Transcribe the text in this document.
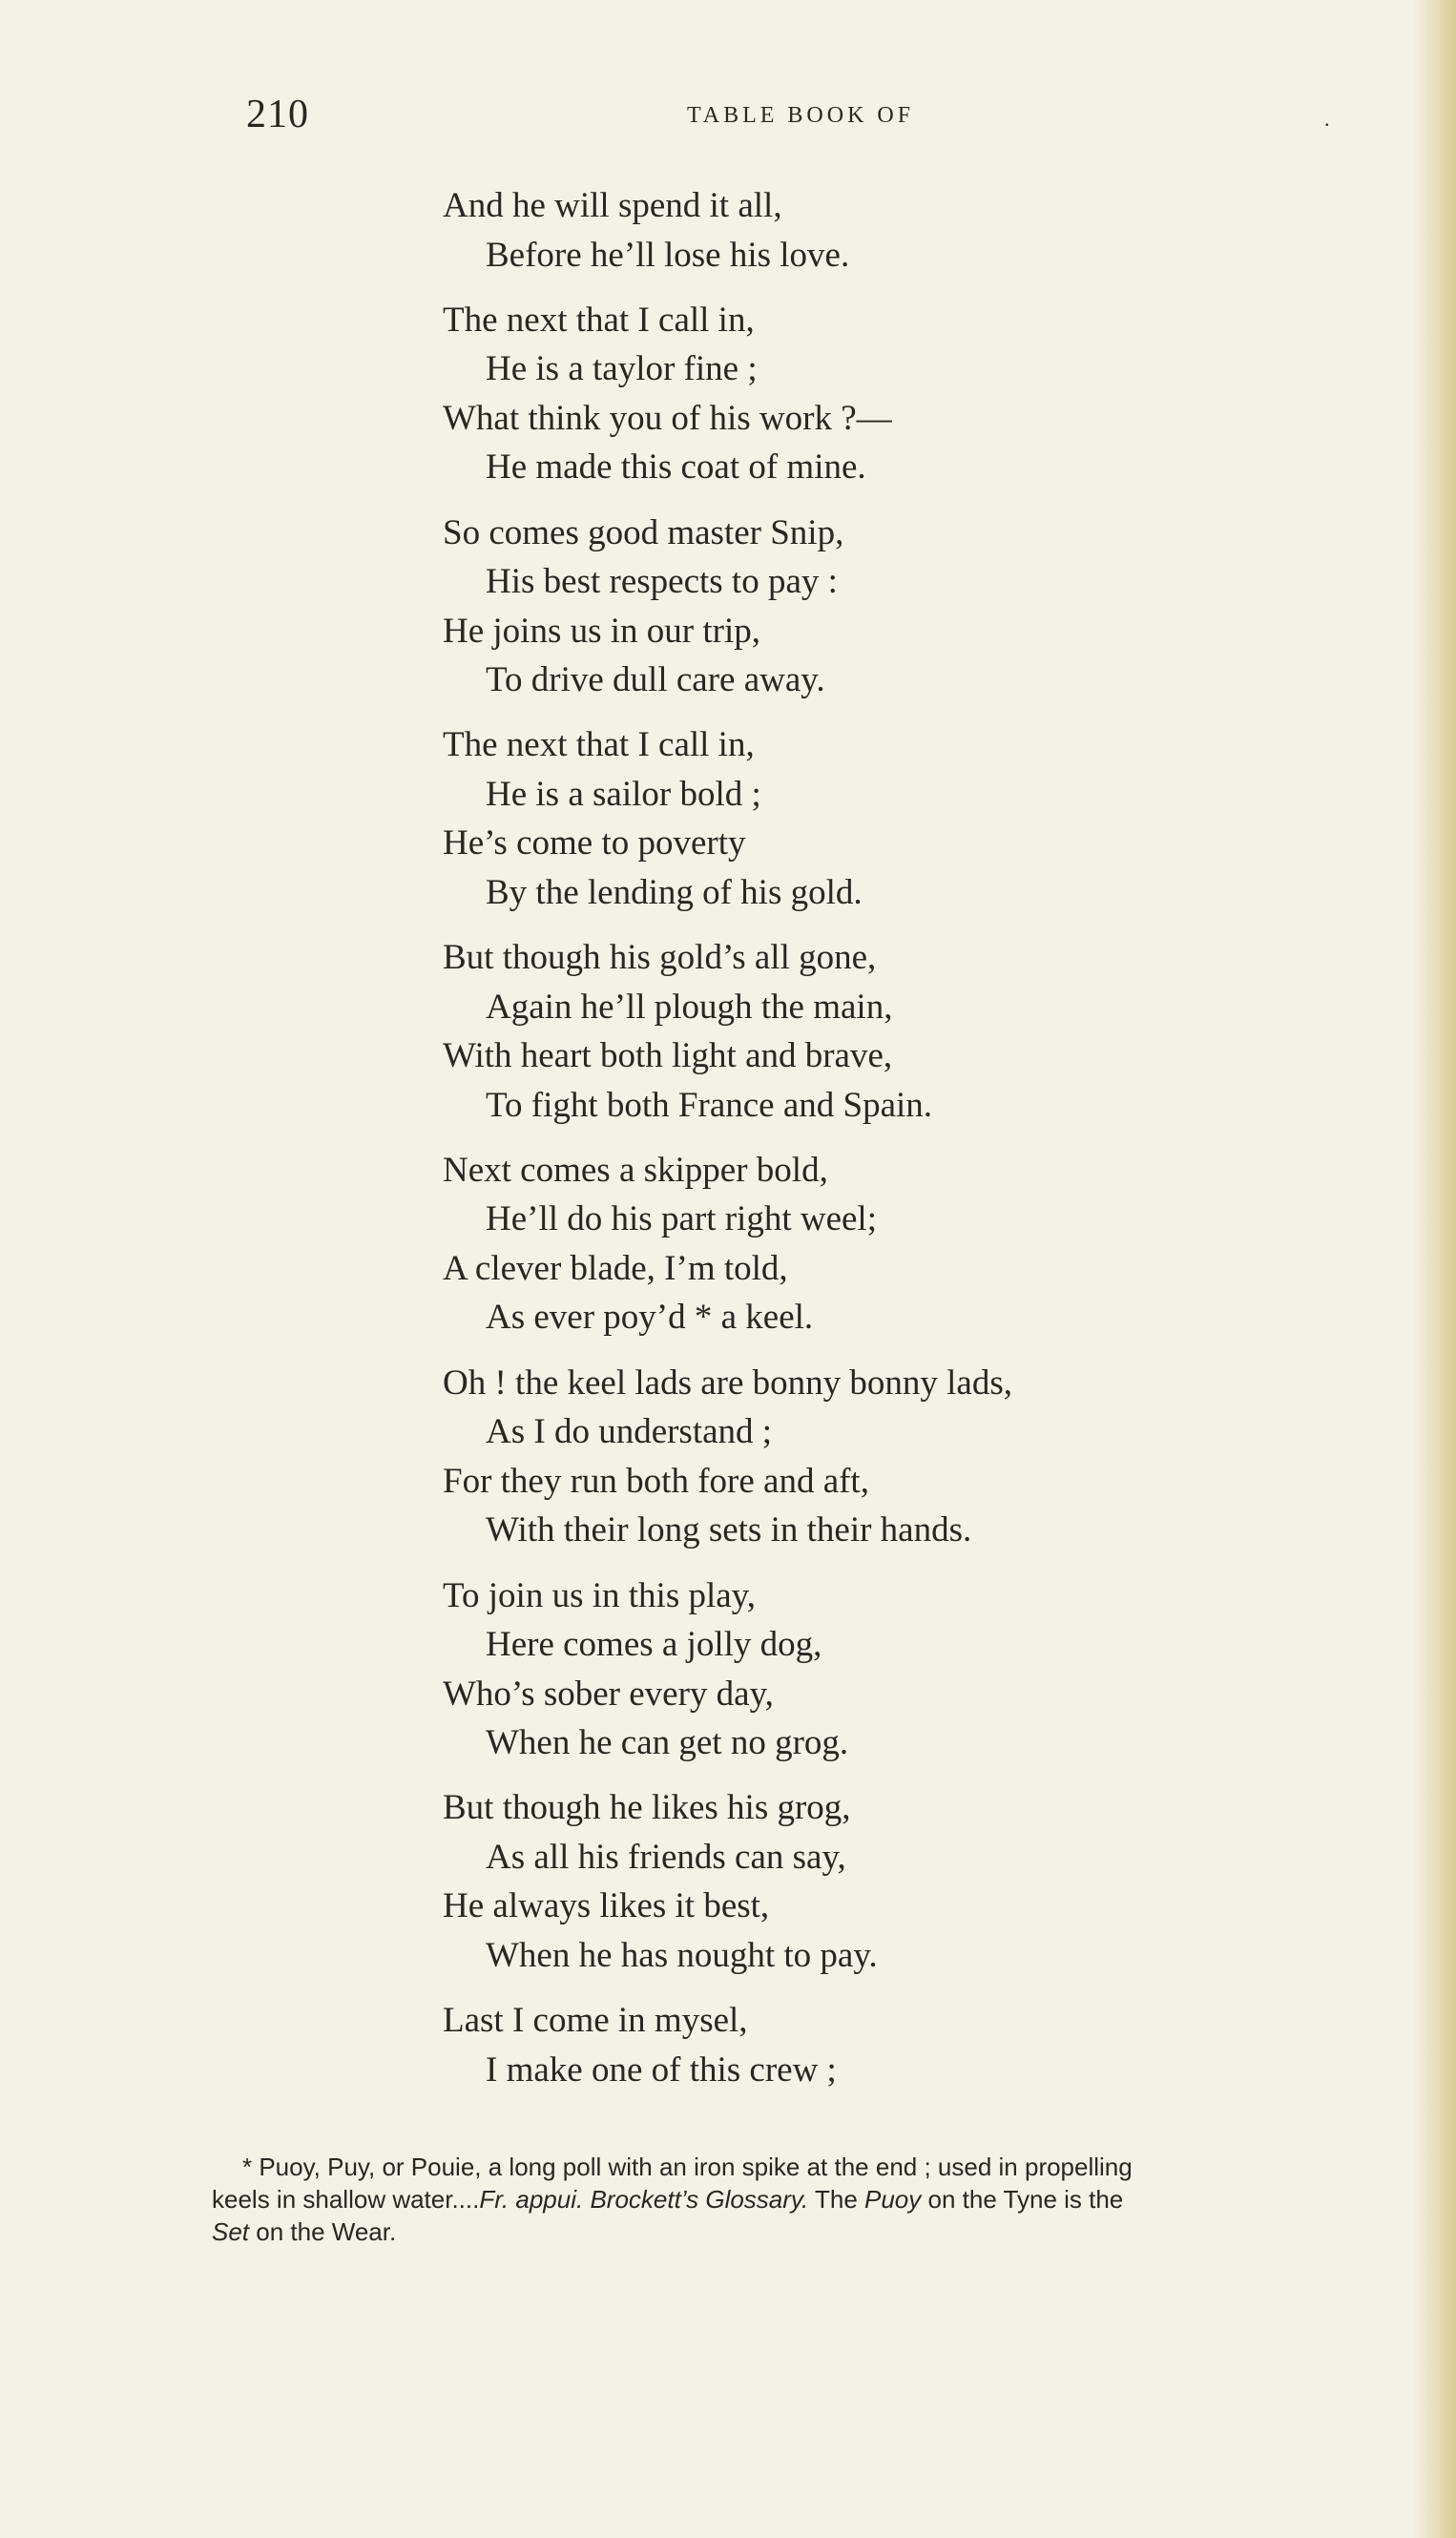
210	TABLE BOOK OF	.
And he will spend it all,
Before he’ll lose his love.
The next that I call in,
He is a taylor fine ;
What think you of his work ?—
He made this coat of mine.
So comes good master Snip,
His best respects to pay :
He joins us in our trip,
To drive dull care away.
The next that I call in,
He is a sailor bold ;
He’s come to poverty
By the lending of his gold.
But though his gold’s all gone,
Again he’ll plough the main,
With heart both light and brave,
To fight both France and Spain.
Next comes a skipper bold,
He’ll do his part right weel;
A clever blade, I’m told,
As ever poy’d * a keel.
Oh ! the keel lads are bonny bonny lads,
As I do understand ;
For they run both fore and aft,
With their long sets in their hands.
To join us in this play,
Here comes a jolly dog,
Who’s sober every day,
When he can get no grog.
But though he likes his grog,
As all his friends can say,
He always likes it best,
When he has nought to pay.
Last I come in mysel,
I make one of this crew ;
* Puoy, Puy, or Pouie, a long poll with an iron spike at the end ; used in propelling
keels in shallow water....Fr. appui. Brockett’s Glossary. The Puoy on the Tyne is the
Set on the Wear.
